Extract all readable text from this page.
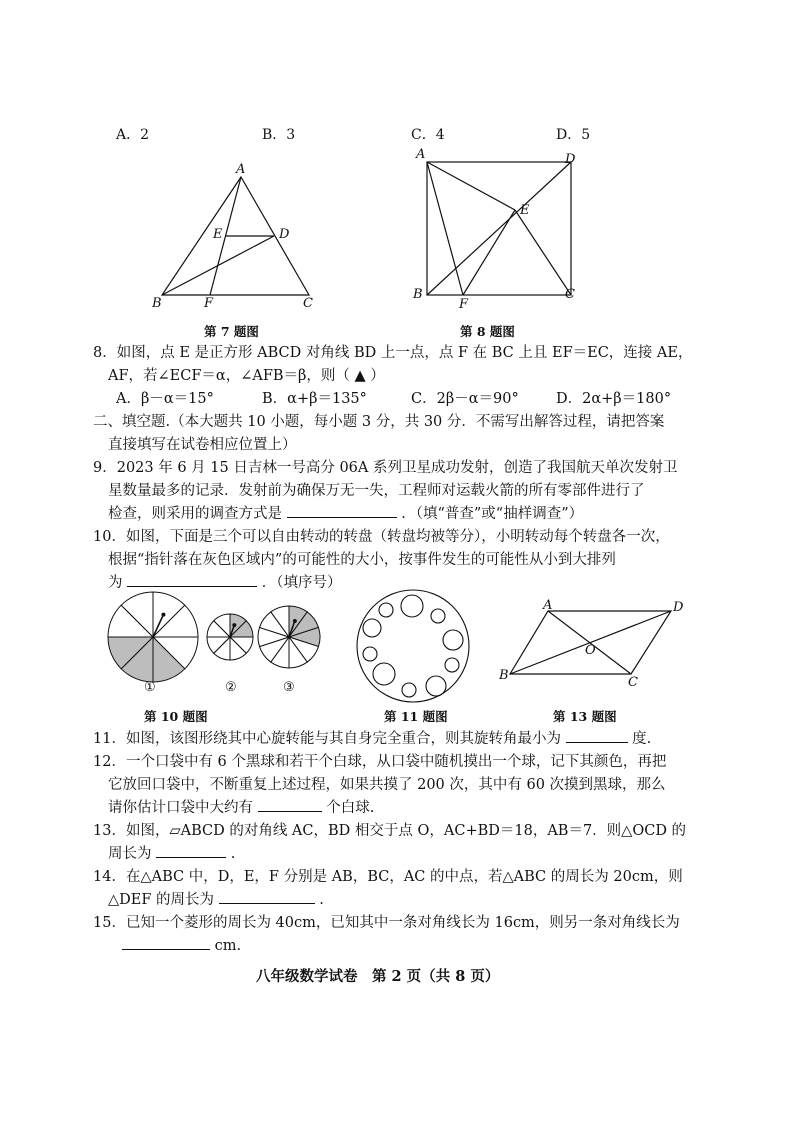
A．2	B．3	C．4	D．5
A
E	D
B	F	C
第 7 题图
A	D
E
B
F
C
第 8 题图
8．如图，点 E 是正方形 ABCD 对角线 BD 上一点，点 F 在 BC 上且 EF＝EC，连接 AE，
AF，若∠ECF＝α，∠AFB＝β，则（ ▲ ）
A．β－α＝15°	B．α+β＝135°	C．2β－α＝90°	D．2α+β＝180°
二、填空题.（本大题共 10 小题，每小题 3 分，共 30 分．不需写出解答过程，请把答案
直接填写在试卷相应位置上）
9．2023 年 6 月 15 日吉林一号高分 06A 系列卫星成功发射，创造了我国航天单次发射卫
星数量最多的记录．发射前为确保万无一失，工程师对运载火箭的所有零部件进行了
检查，则采用的调查方式是	．（填“普查”或“抽样调查”）
10．如图，下面是三个可以自由转动的转盘（转盘均被等分），小明转动每个转盘各一次，
根据“指针落在灰色区域内”的可能性的大小，按事件发生的可能性从小到大排列
为	．（填序号）
①	②	③
第 10 题图	第 11 题图
A	D
O
B	C
第 13 题图
11．如图，该图形绕其中心旋转能与其自身完全重合，则其旋转角最小为	度.
12．一个口袋中有 6 个黑球和若干个白球，从口袋中随机摸出一个球，记下其颜色，再把
它放回口袋中，不断重复上述过程，如果共摸了 200 次，其中有 60 次摸到黑球，那么
请你估计口袋中大约有	个白球.
13．如图，▱ABCD 的对角线 AC，BD 相交于点 O，AC+BD＝18，AB＝7．则△OCD 的
周长为	.
14．在△ABC 中，D，E，F 分别是 AB，BC，AC 的中点，若△ABC 的周长为 20cm，则
△DEF 的周长为	.
15．已知一个菱形的周长为 40cm，已知其中一条对角线长为 16cm，则另一条对角线长为
cm.
八年级数学试卷　第 2 页（共 8 页）
